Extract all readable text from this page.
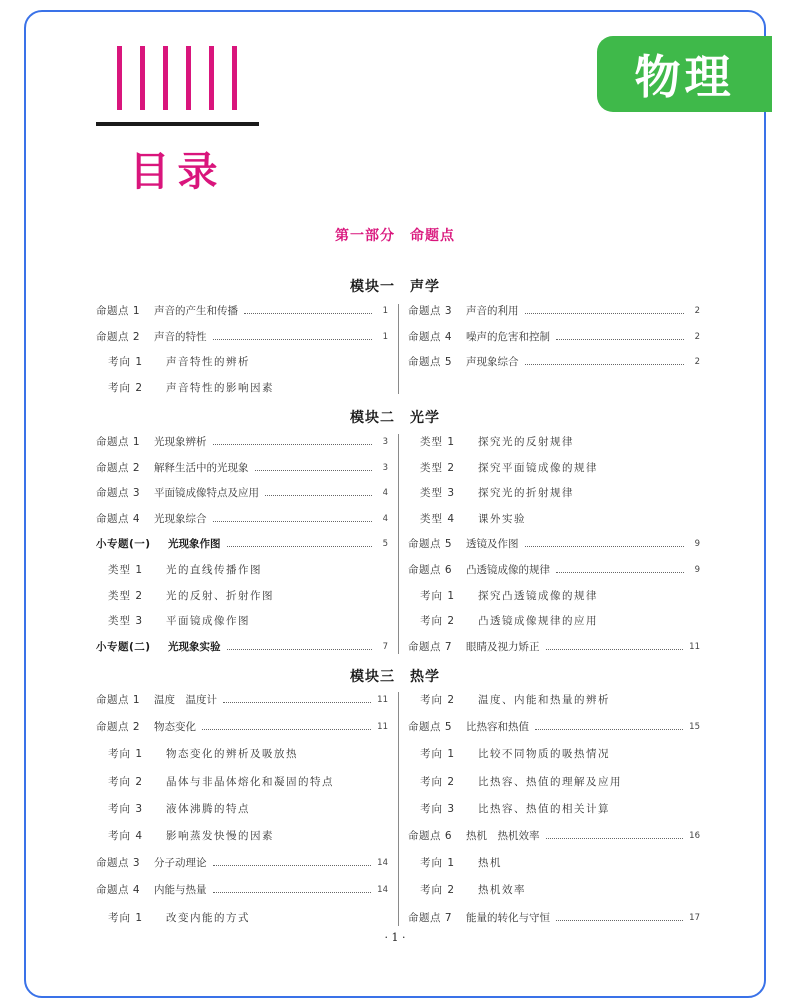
目录
物理
第一部分　命题点
模块一　声学
模块二　光学
模块三　热学
命题点 1	声音的产生和传播	1
命题点 2	声音的特性	1
考向 1	声音特性的辨析
考向 2	声音特性的影响因素
命题点 3	声音的利用	2
命题点 4	噪声的危害和控制	2
命题点 5	声现象综合	2
命题点 1	光现象辨析	3
命题点 2	解释生活中的光现象	3
命题点 3	平面镜成像特点及应用	4
命题点 4	光现象综合	4
小专题(一)	光现象作图	5
类型 1	光的直线传播作图
类型 2	光的反射、折射作图
类型 3	平面镜成像作图
小专题(二)	光现象实验	7
类型 1	探究光的反射规律
类型 2	探究平面镜成像的规律
类型 3	探究光的折射规律
类型 4	课外实验
命题点 5	透镜及作图	9
命题点 6	凸透镜成像的规律	9
考向 1	探究凸透镜成像的规律
考向 2	凸透镜成像规律的应用
命题点 7	眼睛及视力矫正	11
命题点 1	温度　温度计	11
命题点 2	物态变化	11
考向 1	物态变化的辨析及吸放热
考向 2	晶体与非晶体熔化和凝固的特点
考向 3	液体沸腾的特点
考向 4	影响蒸发快慢的因素
命题点 3	分子动理论	14
命题点 4	内能与热量	14
考向 1	改变内能的方式
考向 2	温度、内能和热量的辨析
命题点 5	比热容和热值	15
考向 1	比较不同物质的吸热情况
考向 2	比热容、热值的理解及应用
考向 3	比热容、热值的相关计算
命题点 6	热机　热机效率	16
考向 1	热机
考向 2	热机效率
命题点 7	能量的转化与守恒	17
· 1 ·
